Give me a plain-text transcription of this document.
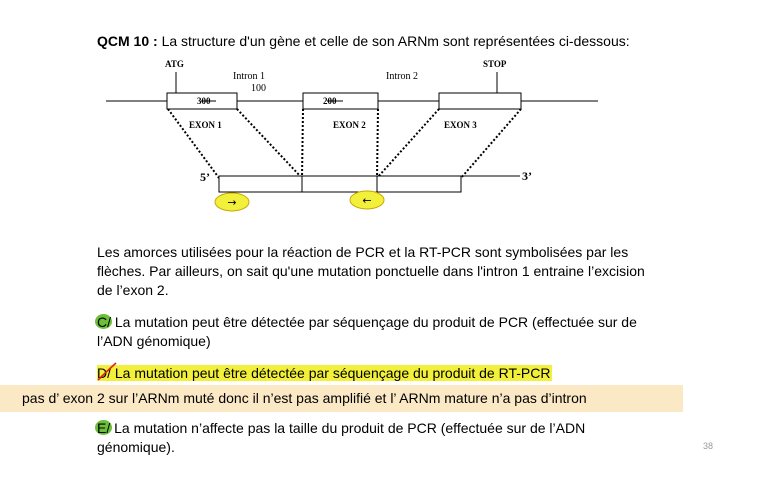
QCM 10 : La structure d'un gène et celle de son ARNm sont représentées ci-dessous:
→	←
ATG	STOP
Intron 1
100
Intron 2
300	200
EXON 1	EXON 2	EXON 3
5’	3’
Les amorces utilisées pour la réaction de PCR et la RT-PCR sont symbolisées par les flèches. Par ailleurs, on sait qu'une mutation ponctuelle dans l'intron 1 entraine l’excision de l’exon 2.
C/ La mutation peut être détectée par séquençage du produit de PCR (effectuée sur de l’ADN génomique)
D/ La mutation peut être détectée par séquençage du produit de RT-PCR
pas d’ exon 2 sur l’ARNm muté donc il n’est pas amplifié et l’ ARNm mature n’a pas d’intron
E/ La mutation n’affecte pas la taille du produit de PCR (effectuée sur de l’ADN génomique).	38
